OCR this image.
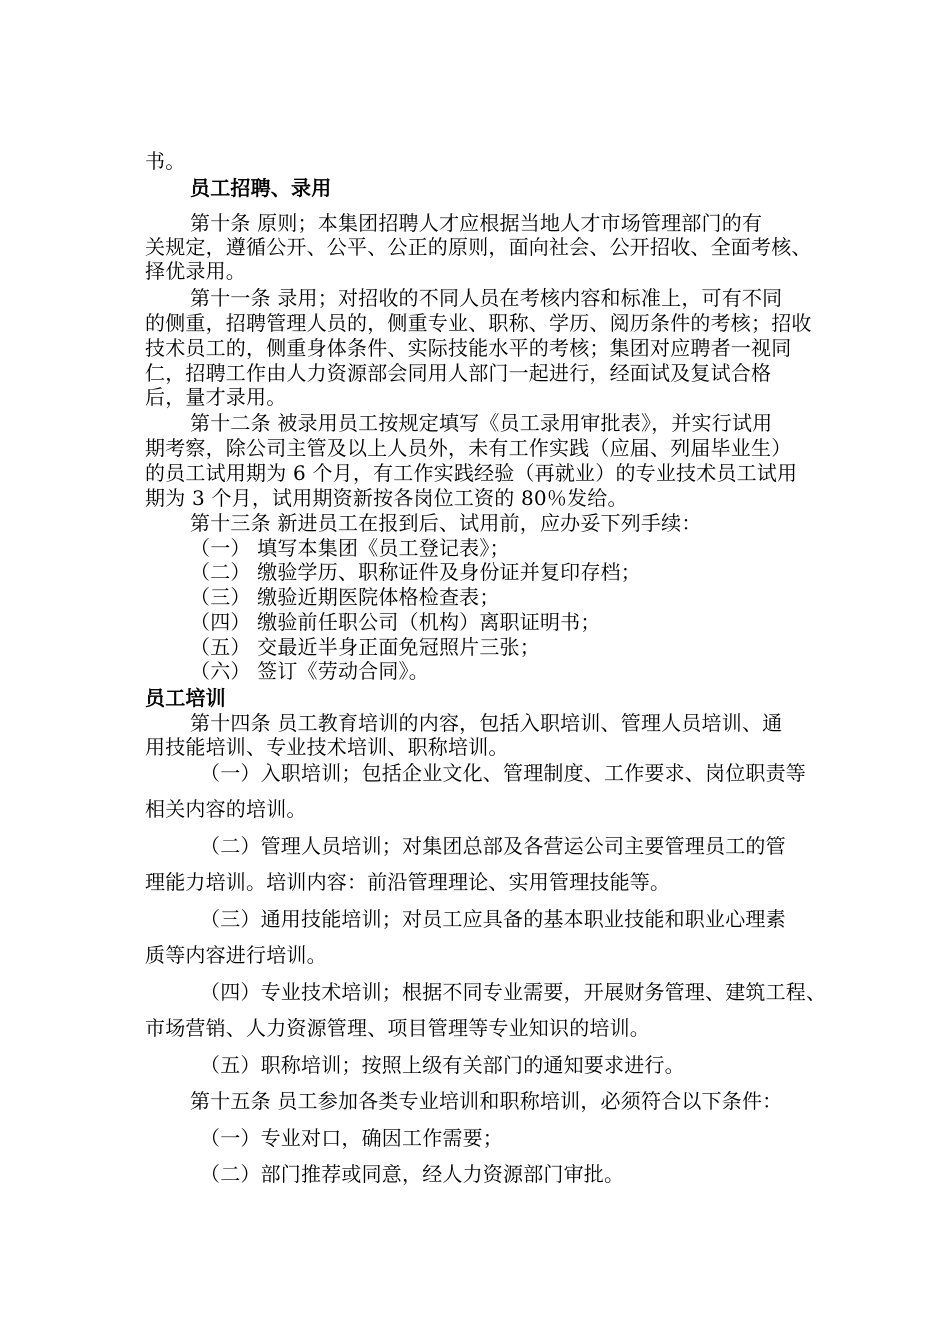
书。
员工招聘、录用
第十条 原则；本集团招聘人才应根据当地人才市场管理部门的有
关规定，遵循公开、公平、公正的原则，面向社会、公开招收、全面考核、
择优录用。
第十一条 录用；对招收的不同人员在考核内容和标准上，可有不同
的侧重，招聘管理人员的，侧重专业、职称、学历、阅历条件的考核；招收
技术员工的，侧重身体条件、实际技能水平的考核；集团对应聘者一视同
仁，招聘工作由人力资源部会同用人部门一起进行，经面试及复试合格
后，量才录用。
第十二条 被录用员工按规定填写《员工录用审批表》，并实行试用
期考察，除公司主管及以上人员外，未有工作实践（应届、列届毕业生）
的员工试用期为 6 个月，有工作实践经验（再就业）的专业技术员工试用
期为 3 个月，试用期资新按各岗位工资的 80％发给。
第十三条 新进员工在报到后、试用前，应办妥下列手续：
（一） 填写本集团《员工登记表》；
（二） 缴验学历、职称证件及身份证并复印存档；
（三） 缴验近期医院体格检查表；
（四） 缴验前任职公司（机构）离职证明书；
（五） 交最近半身正面免冠照片三张；
（六） 签订《劳动合同》。
员工培训
第十四条 员工教育培训的内容，包括入职培训、管理人员培训、通
用技能培训、专业技术培训、职称培训。
（一）入职培训；包括企业文化、管理制度、工作要求、岗位职责等
相关内容的培训。
（二）管理人员培训；对集团总部及各营运公司主要管理员工的管
理能力培训。培训内容：前沿管理理论、实用管理技能等。
（三）通用技能培训；对员工应具备的基本职业技能和职业心理素
质等内容进行培训。
（四）专业技术培训；根据不同专业需要，开展财务管理、建筑工程、
市场营销、人力资源管理、项目管理等专业知识的培训。
（五）职称培训；按照上级有关部门的通知要求进行。
第十五条 员工参加各类专业培训和职称培训，必须符合以下条件：
（一）专业对口，确因工作需要；
（二）部门推荐或同意，经人力资源部门审批。
